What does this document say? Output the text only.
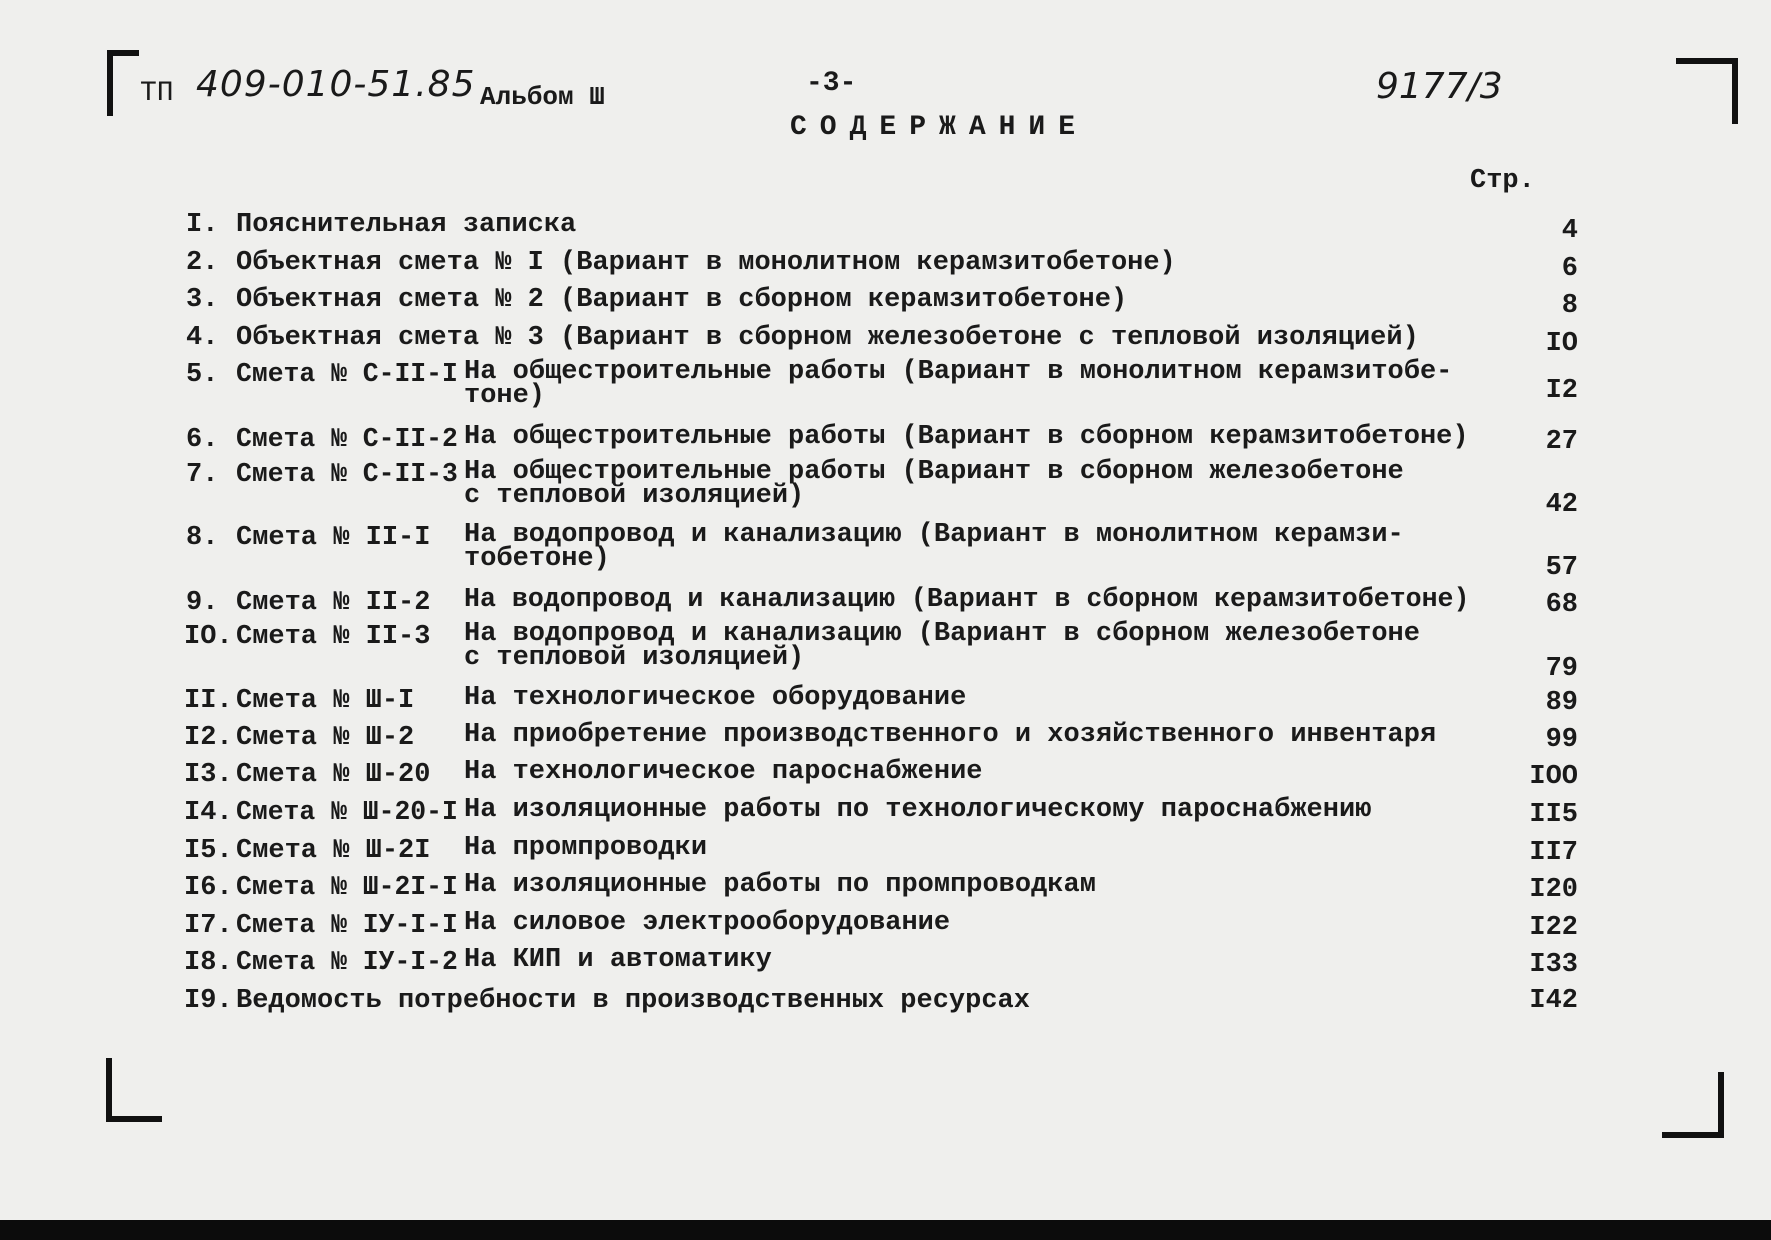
ТП 409-010-51.85 Альбом Ш	-3-
СОДЕРЖАНИЕ
9177/3
Стр.
I. Пояснительная записка	4
2. Объектная смета № I (Вариант в монолитном керамзитобетоне)	6
3. Объектная смета № 2 (Вариант в сборном керамзитобетоне)	8
4. Объектная смета № 3 (Вариант в сборном железобетоне с тепловой изоляцией)	IO
5. Смета № С-II-I На общестроительные работы (Вариант в монолитном керамзитобе-
тоне)	I2
6. Смета № С-II-2 На общестроительные работы (Вариант в сборном керамзитобетоне)	27
7. Смета № С-II-3 На общестроительные работы (Вариант в сборном железобетоне
с тепловой изоляцией)	42
8. Смета № II-I На водопровод и канализацию (Вариант в монолитном керамзи-
тобетоне)	57
9. Смета № II-2 На водопровод и канализацию (Вариант в сборном керамзитобетоне)	68
IO. Смета № II-3 На водопровод и канализацию (Вариант в сборном железобетоне
с тепловой изоляцией)	79
II. Смета № Ш-I На технологическое оборудование	89
I2. Смета № Ш-2 На приобретение производственного и хозяйственного инвентаря	99
I3. Смета № Ш-20 На технологическое пароснабжение	IOO
I4. Смета № Ш-20-I На изоляционные работы по технологическому пароснабжению	II5
I5. Смета № Ш-2I На промпроводки	II7
I6. Смета № Ш-2I-I На изоляционные работы по промпроводкам	I20
I7. Смета № IУ-I-I На силовое электрооборудование	I22
I8. Смета № IУ-I-2 На КИП и автоматику	I33
I9. Ведомость потребности в производственных ресурсах	I42
